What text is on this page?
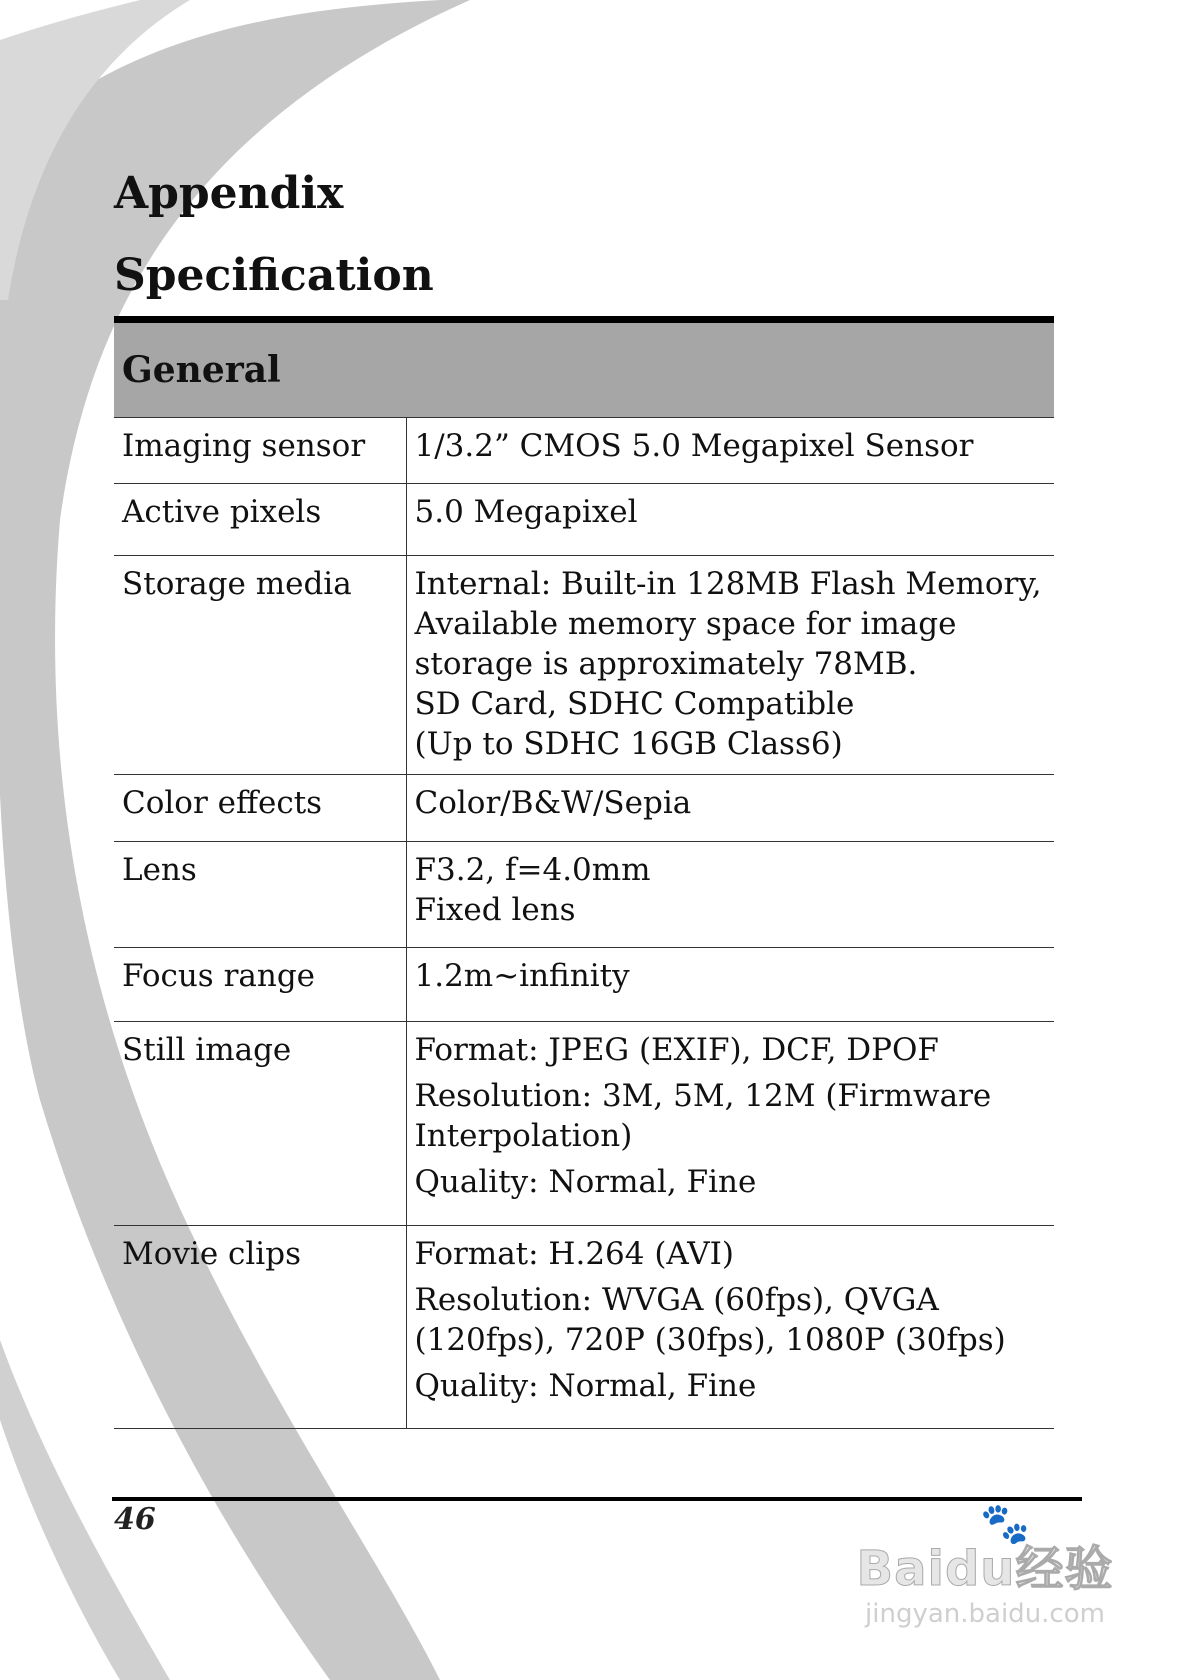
Appendix
Specification
General	
Imaging sensor	1/3.2” CMOS 5.0 Megapixel Sensor

Active pixels	5.0 Megapixel

Storage media	Internal: Built-in 128MB Flash Memory,
Available memory space for image
storage is approximately 78MB.
SD Card, SDHC Compatible
(Up to SDHC 16GB Class6)

Color effects	Color/B&W/Sepia

Lens	F3.2, f=4.0mm
Fixed lens

Focus range	1.2m~infinity

Still image	Format: JPEG (EXIF), DCF, DPOF
Resolution: 3M, 5M, 12M (Firmware
Interpolation)
Quality: Normal, Fine

Movie clips	Format: H.264 (AVI)
Resolution: WVGA (60fps), QVGA
(120fps), 720P (30fps), 1080P (30fps)
Quality: Normal, Fine
46	🐾
Baidu经验
jingyan.baidu.com
